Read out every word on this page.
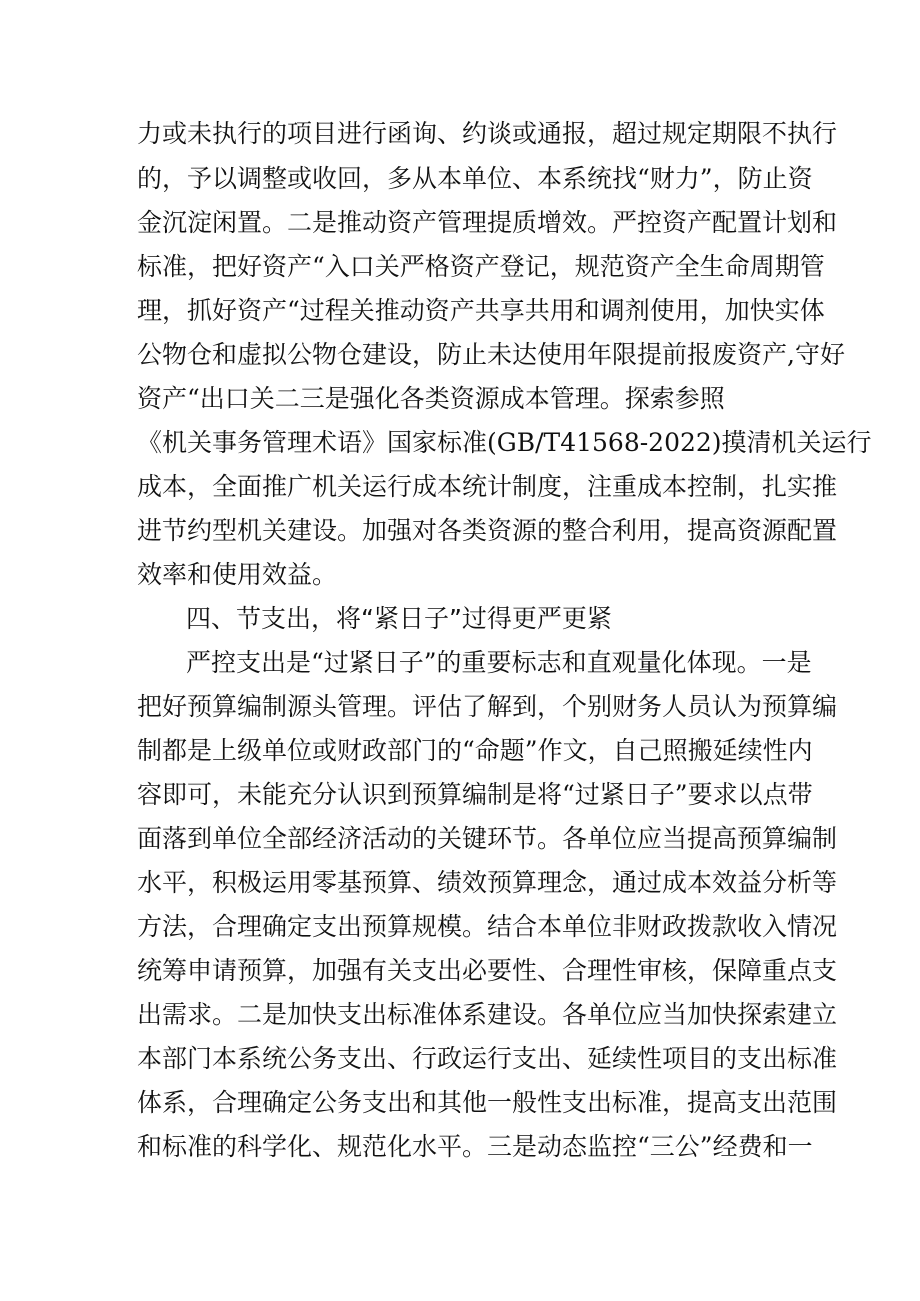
力或未执行的项目进行函询、约谈或通报，超过规定期限不执行
的，予以调整或收回，多从本单位、本系统找“财力”，防止资
金沉淀闲置。二是推动资产管理提质增效。严控资产配置计划和
标准，把好资产“入口关严格资产登记，规范资产全生命周期管
理，抓好资产“过程关推动资产共享共用和调剂使用，加快实体
公物仓和虚拟公物仓建设，防止未达使用年限提前报废资产,守好
资产“出口关二三是强化各类资源成本管理。探索参照
《机关事务管理术语》国家标准(GB/T41568-2022)摸清机关运行
成本，全面推广机关运行成本统计制度，注重成本控制，扎实推
进节约型机关建设。加强对各类资源的整合利用，提高资源配置
效率和使用效益。
四、节支出，将“紧日子”过得更严更紧
严控支出是“过紧日子”的重要标志和直观量化体现。一是
把好预算编制源头管理。评估了解到，个别财务人员认为预算编
制都是上级单位或财政部门的“命题”作文，自己照搬延续性内
容即可，未能充分认识到预算编制是将“过紧日子”要求以点带
面落到单位全部经济活动的关键环节。各单位应当提高预算编制
水平，积极运用零基预算、绩效预算理念，通过成本效益分析等
方法，合理确定支出预算规模。结合本单位非财政拨款收入情况
统筹申请预算，加强有关支出必要性、合理性审核，保障重点支
出需求。二是加快支出标准体系建设。各单位应当加快探索建立
本部门本系统公务支出、行政运行支出、延续性项目的支出标准
体系，合理确定公务支出和其他一般性支出标准，提高支出范围
和标准的科学化、规范化水平。三是动态监控“三公”经费和一
